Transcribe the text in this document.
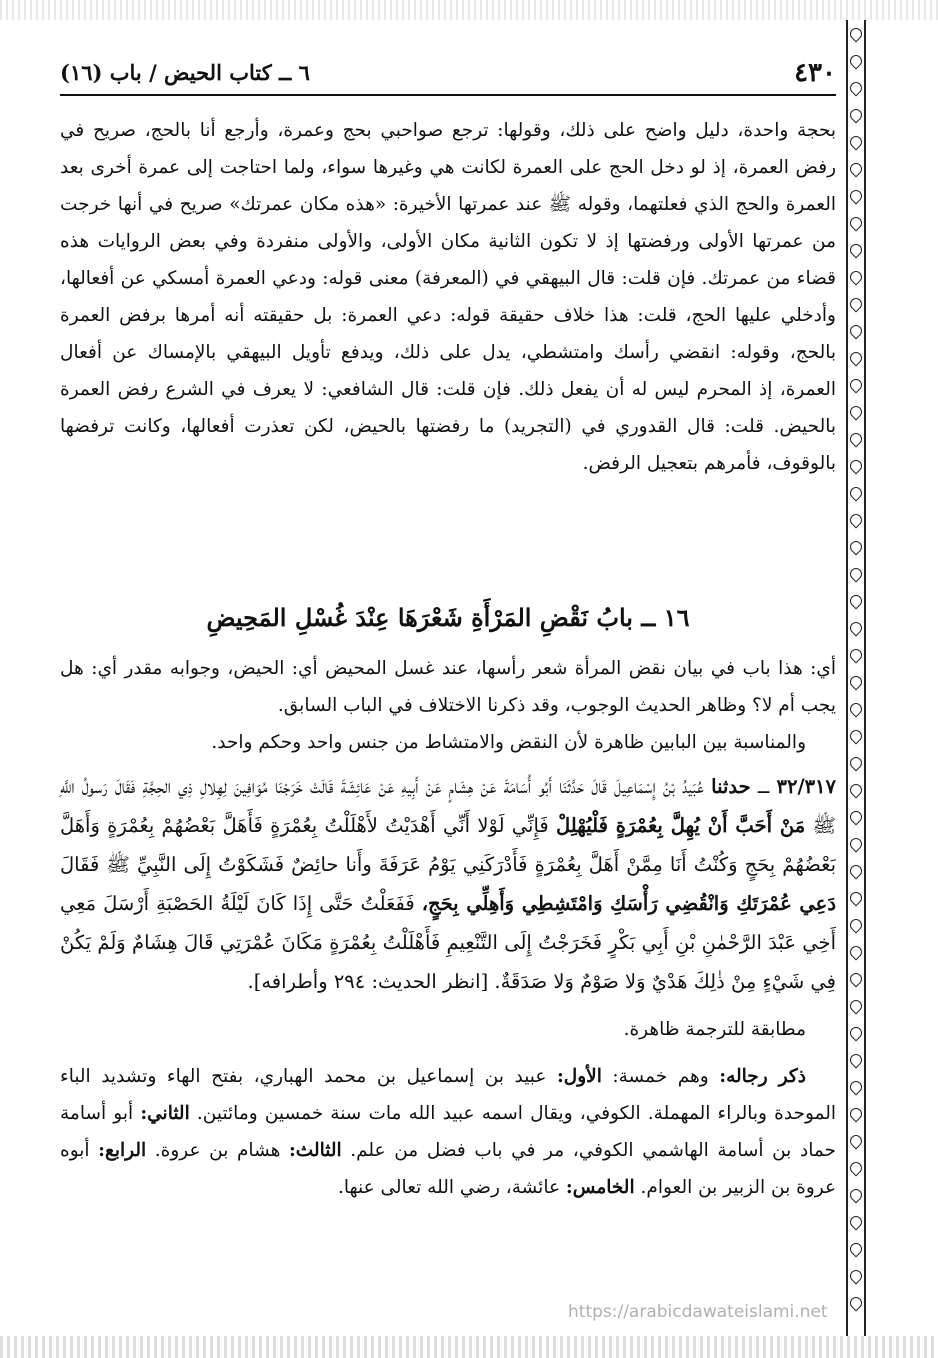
٤٣٠
٦ ــ كتاب الحيض / باب (١٦)

بحجة واحدة، دليل واضح على ذلك، وقولها: ترجع صواحبي بحج وعمرة، وأرجع أنا بالحج، صريح في رفض العمرة، إذ لو دخل الحج على العمرة لكانت هي وغيرها سواء، ولما احتاجت إلى عمرة أخرى بعد العمرة والحج الذي فعلتهما، وقوله ﷺ عند عمرتها الأخيرة: «هذه مكان عمرتك» صريح في أنها خرجت من عمرتها الأولى ورفضتها إذ لا تكون الثانية مكان الأولى، والأولى منفردة وفي بعض الروايات هذه قضاء من عمرتك. فإن قلت: قال البيهقي في (المعرفة) معنى قوله: ودعي العمرة أمسكي عن أفعالها، وأدخلي عليها الحج، قلت: هذا خلاف حقيقة قوله: دعي العمرة: بل حقيقته أنه أمرها برفض العمرة بالحج، وقوله: انقضي رأسك وامتشطي، يدل على ذلك، ويدفع تأويل البيهقي بالإمساك عن أفعال العمرة، إذ المحرم ليس له أن يفعل ذلك. فإن قلت: قال الشافعي: لا يعرف في الشرع رفض العمرة بالحيض. قلت: قال القدوري في (التجريد) ما رفضتها بالحيض، لكن تعذرت أفعالها، وكانت ترفضها بالوقوف، فأمرهم بتعجيل الرفض.

١٦ ــ بابُ نَقْضِ المَرْأَةِ شَعْرَهَا عِنْدَ غُسْلِ المَحِيضِ

أي: هذا باب في بيان نقض المرأة شعر رأسها، عند غسل المحيض أي: الحيض، وجوابه مقدر أي: هل يجب أم لا؟ وظاهر الحديث الوجوب، وقد ذكرنا الاختلاف في الباب السابق.

والمناسبة بين البابين ظاهرة لأن النقض والامتشاط من جنس واحد وحكم واحد.

٣٢/٣١٧ ــ حدثنا عُبَيدُ بْنُ إِسْمَاعِيلَ قَالَ حَدَّثَنَا أَبُو أُسَامَةَ عَنْ هِشَامٍ عَنْ أَبِيهِ عَنْ عَائِشَةَ قَالَتْ خَرَجْنَا مُوَافِينَ لِهِلالِ ذِي الحِجَّةِ فَقَالَ رَسولُ اللَّهِ ﷺ مَنْ أَحَبَّ أَنْ يُهِلَّ بِعُمْرَةٍ فَلْيُهْلِلْ فَإِنِّي لَوْلا أَنِّي أَهْدَيْتُ لأَهْلَلْتُ بِعُمْرَةٍ فَأَهَلَّ بَعْضُهُمْ بِعُمْرَةٍ وَأَهَلَّ بَعْضُهُمْ بِحَجٍ وَكُنْتُ أَنَا مِمَّنْ أَهَلَّ بِعُمْرَةٍ فَأَدْرَكَنِي يَوْمُ عَرَفَةَ وأَنا حائِضٌ فَشَكَوْتُ إِلَى النَّبِيِّ ﷺ فَقَالَ دَعِي عُمْرَتَكِ وَانْقُضِي رَأْسَكِ وَامْتَشِطِي وَأَهِلِّي بِحَجٍ، فَفَعَلْتُ حَتَّى إِذَا كَانَ لَيْلَةُ الحَصْبَةِ أَرْسَلَ مَعِي أَخِي عَبْدَ الرَّحْمٰنِ بْنِ أَبِي بَكْرٍ فَخَرَجْتُ إِلَى التَّنْعِيمِ فَأَهْلَلْتُ بِعُمْرَةٍ مَكَانَ عُمْرَتِي قَالَ هِشَامٌ وَلَمْ يَكُنْ فِي شَيْءٍ مِنْ ذٰلِكَ هَدْيٌ وَلا صَوْمٌ وَلا صَدَقَةٌ. [انظر الحديث: ٢٩٤ وأطرافه].

مطابقة للترجمة ظاهرة.

ذكر رجاله: وهم خمسة: الأول: عبيد بن إسماعيل بن محمد الهباري، بفتح الهاء وتشديد الباء الموحدة وبالراء المهملة. الكوفي، ويقال اسمه عبيد الله مات سنة خمسين ومائتين. الثاني: أبو أسامة حماد بن أسامة الهاشمي الكوفي، مر في باب فضل من علم. الثالث: هشام بن عروة. الرابع: أبوه عروة بن الزبير بن العوام. الخامس: عائشة، رضي الله تعالى عنها.

https://arabicdawateislami.net
